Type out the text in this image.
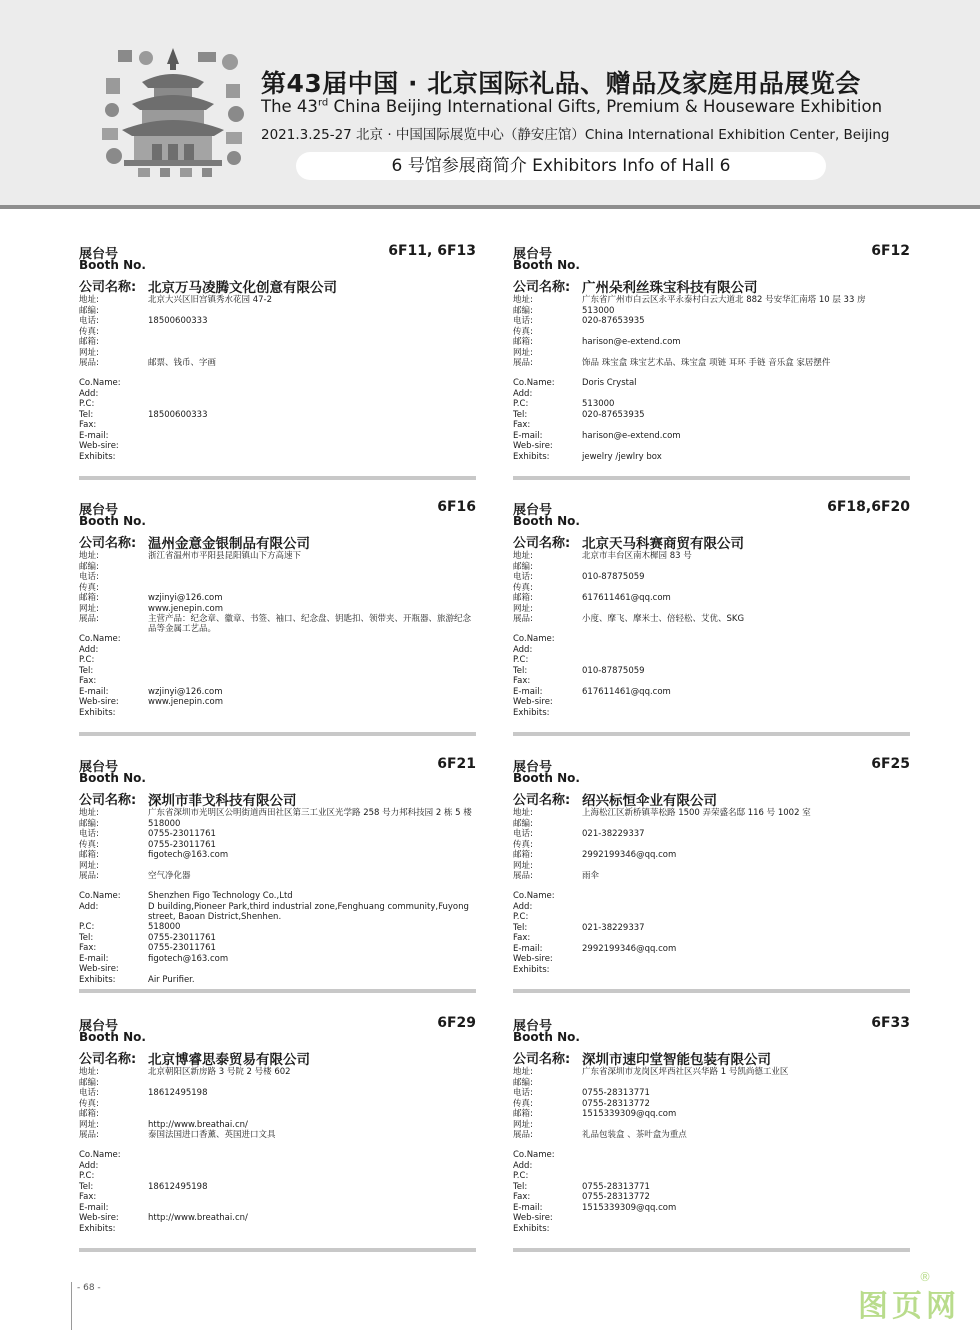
第43届中国 · 北京国际礼品、赠品及家庭用品展览会
The 43rd China Beijing International Gifts, Premium & Houseware Exhibition
2021.3.25-27 北京 · 中国国际展览中心（静安庄馆）China International Exhibition Center, Beijing
6 号馆参展商简介 Exhibitors Info of Hall 6
展台号
Booth No.
6F11, 6F13
公司名称: 北京万马凌腾文化创意有限公司
地址:	北京大兴区旧宫镇秀水花园 47-2
邮编:
电话:	18500600333
传真:
邮箱:
网址:
展品:	邮票、钱币、字画
Co.Name:
Add:
P.C:
Tel:	18500600333
Fax:
E-mail:
Web-sire:
Exhibits:
展台号
Booth No.
6F12
公司名称: 广州朵利丝珠宝科技有限公司
地址:	广东省广州市白云区永平永泰村白云大道北 882 号安华汇南塔 10 层 33 房
邮编:	513000
电话:	020-87653935
传真:
邮箱:	harison@e-extend.com
网址:
展品:	饰品 珠宝盒 珠宝艺术品、珠宝盒 项链 耳环 手链 音乐盒 家居摆件
Co.Name:	Doris Crystal
Add:
P.C:	513000
Tel:	020-87653935
Fax:
E-mail:	harison@e-extend.com
Web-sire:
Exhibits:	jewelry /jewlry box
展台号
Booth No.
6F16
公司名称: 温州金意金银制品有限公司
地址:	浙江省温州市平阳县昆阳镇山下方高速下
邮编:
电话:
传真:
邮箱:	wzjinyi@126.com
网址:	www.jenepin.com
展品:	主营产品：纪念章、徽章、书签、袖口、纪念盘、钥匙扣、领带夹、开瓶器、旅游纪念品等金属工艺品。
Co.Name:
Add:
P.C:
Tel:
Fax:
E-mail:	wzjinyi@126.com
Web-sire:	www.jenepin.com
Exhibits:
展台号
Booth No.
6F18,6F20
公司名称: 北京天马科赛商贸有限公司
地址:	北京市丰台区南木樨园 83 号
邮编:
电话:	010-87875059
传真:
邮箱:	617611461@qq.com
网址:
展品:	小度、摩飞、摩米士、倍轻松、艾优、SKG
Co.Name:
Add:
P.C:
Tel:	010-87875059
Fax:
E-mail:	617611461@qq.com
Web-sire:
Exhibits:
展台号
Booth No.
6F21
公司名称: 深圳市菲戈科技有限公司
地址:	广东省深圳市光明区公明街道西田社区第三工业区光学路 258 号力邦科技园 2 栋 5 楼
邮编:	518000
电话:	0755-23011761
传真:	0755-23011761
邮箱:	figotech@163.com
网址:
展品:	空气净化器
Co.Name:	Shenzhen Figo Technology Co.,Ltd
Add:	D building,Pioneer Park,third industrial zone,Fenghuang community,Fuyong street, Baoan District,Shenhen.
P.C:	518000
Tel:	0755-23011761
Fax:	0755-23011761
E-mail:	figotech@163.com
Web-sire:
Exhibits:	Air Purifier.
展台号
Booth No.
6F25
公司名称: 绍兴标恒伞业有限公司
地址:	上海松江区新桥镇莘松路 1500 弄荣盛名邸 116 号 1002 室
邮编:
电话:	021-38229337
传真:
邮箱:	2992199346@qq.com
网址:
展品:	雨伞
Co.Name:
Add:
P.C:
Tel:	021-38229337
Fax:
E-mail:	2992199346@qq.com
Web-sire:
Exhibits:
展台号
Booth No.
6F29
公司名称: 北京博睿思泰贸易有限公司
地址:	北京朝阳区新房路 3 号院 2 号楼 602
邮编:
电话:	18612495198
传真:
邮箱:
网址:	http://www.breathai.cn/
展品:	泰国法国进口香薰、英国进口文具
Co.Name:
Add:
P.C:
Tel:	18612495198
Fax:
E-mail:
Web-sire:	http://www.breathai.cn/
Exhibits:
展台号
Booth No.
6F33
公司名称: 深圳市速印堂智能包装有限公司
地址:	广东省深圳市龙岗区坪西社区兴华路 1 号凯尚德工业区
邮编:
电话:	0755-28313771
传真:	0755-28313772
邮箱:	1515339309@qq.com
网址:
展品:	礼品包装盒 、茶叶盒为重点
Co.Name:
Add:
P.C:
Tel:	0755-28313771
Fax:	0755-28313772
E-mail:	1515339309@qq.com
Web-sire:
Exhibits:
- 68 -
图页网
®
